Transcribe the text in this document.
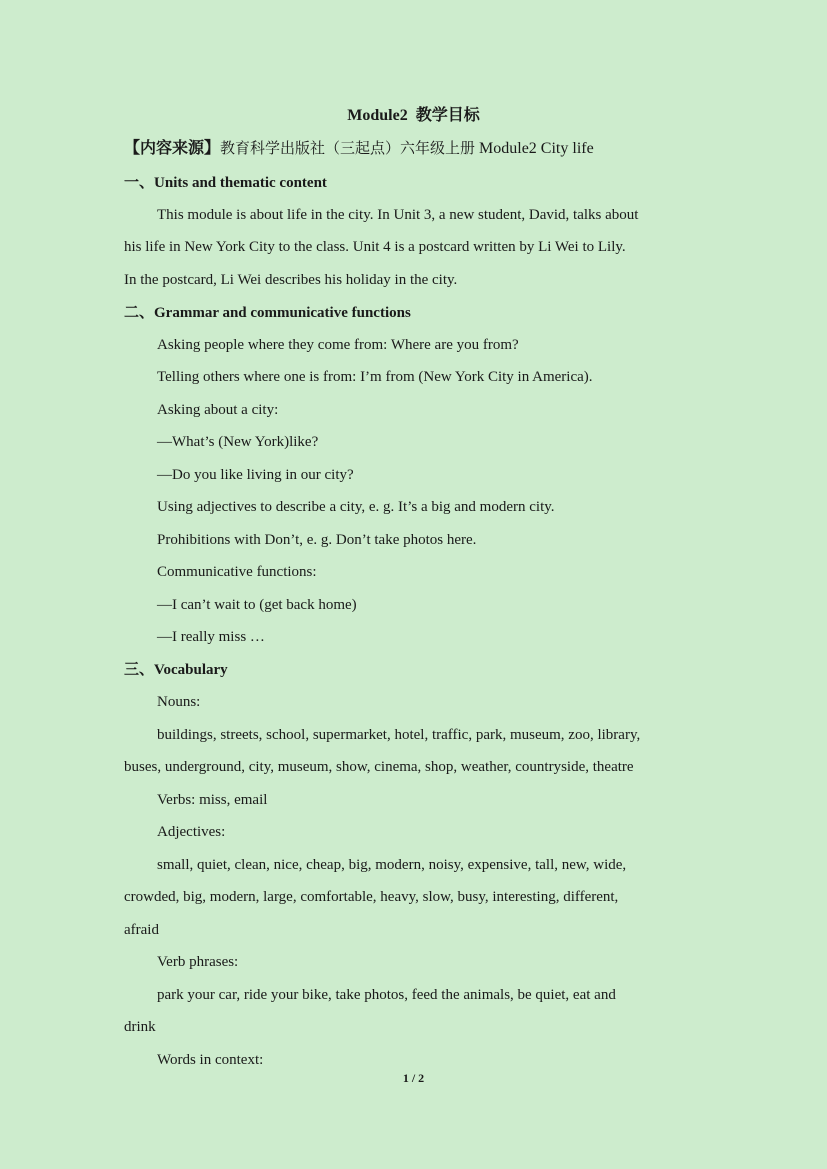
Module2 教学目标
【内容来源】教育科学出版社（三起点）六年级上册 Module2 City life
一、Units and thematic content
This module is about life in the city. In Unit 3, a new student, David, talks about
his life in New York City to the class. Unit 4 is a postcard written by Li Wei to Lily.
In the postcard, Li Wei describes his holiday in the city.
二、Grammar and communicative functions
Asking people where they come from: Where are you from?
Telling others where one is from: I’m from (New York City in America).
Asking about a city:
—What’s (New York)like?
—Do you like living in our city?
Using adjectives to describe a city, e. g. It’s a big and modern city.
Prohibitions with Don’t, e. g. Don’t take photos here.
Communicative functions:
—I can’t wait to (get back home)
—I really miss …
三、Vocabulary
Nouns:
buildings, streets, school, supermarket, hotel, traffic, park, museum, zoo, library,
buses, underground, city, museum, show, cinema, shop, weather, countryside, theatre
Verbs: miss, email
Adjectives:
small, quiet, clean, nice, cheap, big, modern, noisy, expensive, tall, new, wide,
crowded, big, modern, large, comfortable, heavy, slow, busy, interesting, different,
afraid
Verb phrases:
park your car, ride your bike, take photos, feed the animals, be quiet, eat and
drink
Words in context:
1 / 2
